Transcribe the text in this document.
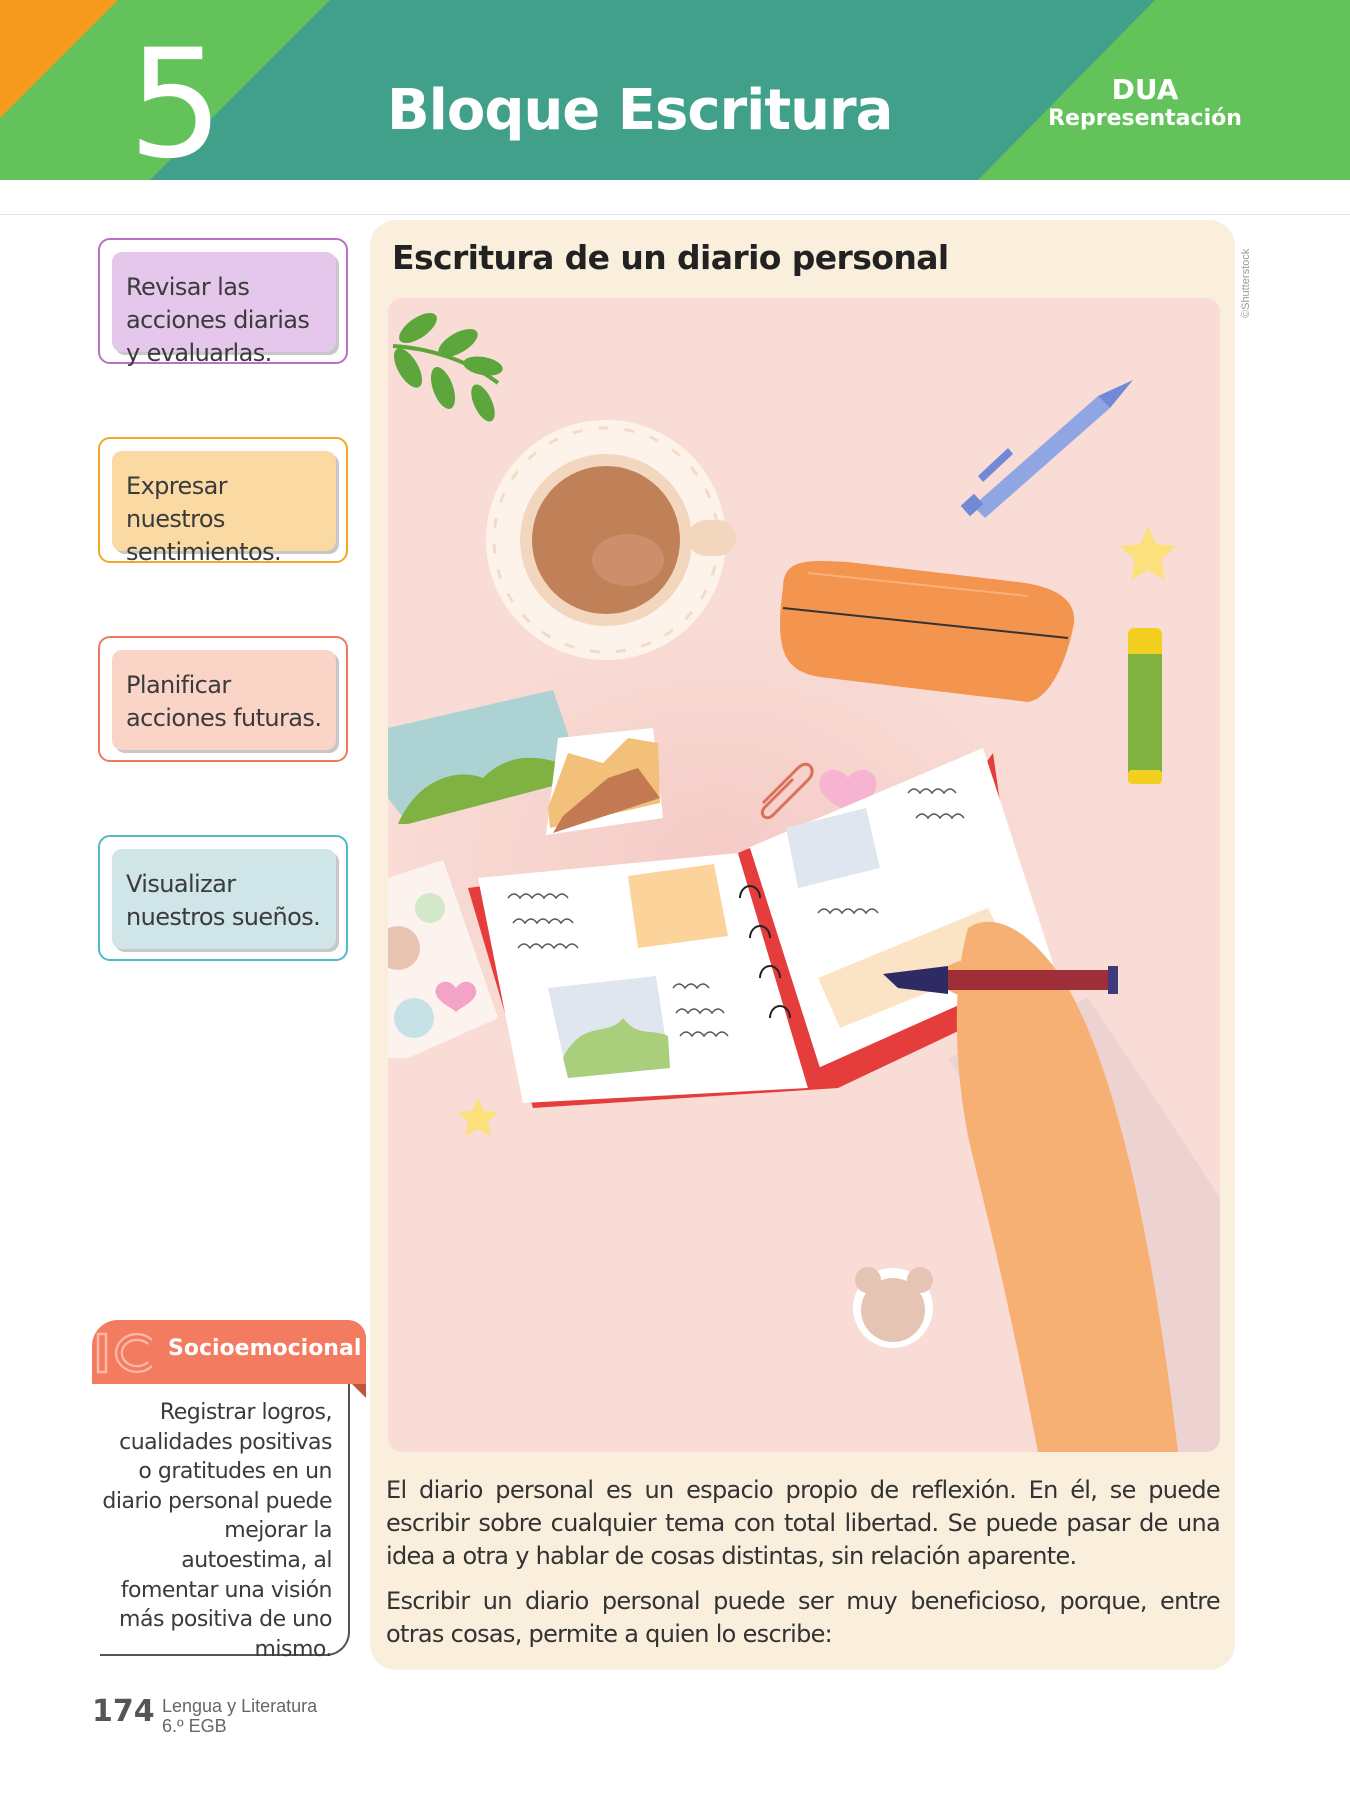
5	Bloque Escritura	DUA
Representación
Revisar las acciones diarias y evaluarlas.
Expresar nuestros sentimientos.
Planificar acciones futuras.
Visualizar nuestros sueños.
Socioemocional
Registrar logros, cualidades positivas o gratitudes en un diario personal puede mejorar la autoestima, al fomentar una visión más positiva de uno mismo.
Escritura de un diario personal	©Shutterstock
El diario personal es un espacio propio de reflexión. En él, se puede escribir sobre cualquier tema con total libertad. Se puede pasar de una idea a otra y hablar de cosas distintas, sin relación aparente.
Escribir un diario personal puede ser muy beneficioso, porque, entre otras cosas, permite a quien lo escribe:
174 Lengua y Literatura
6.º EGB
